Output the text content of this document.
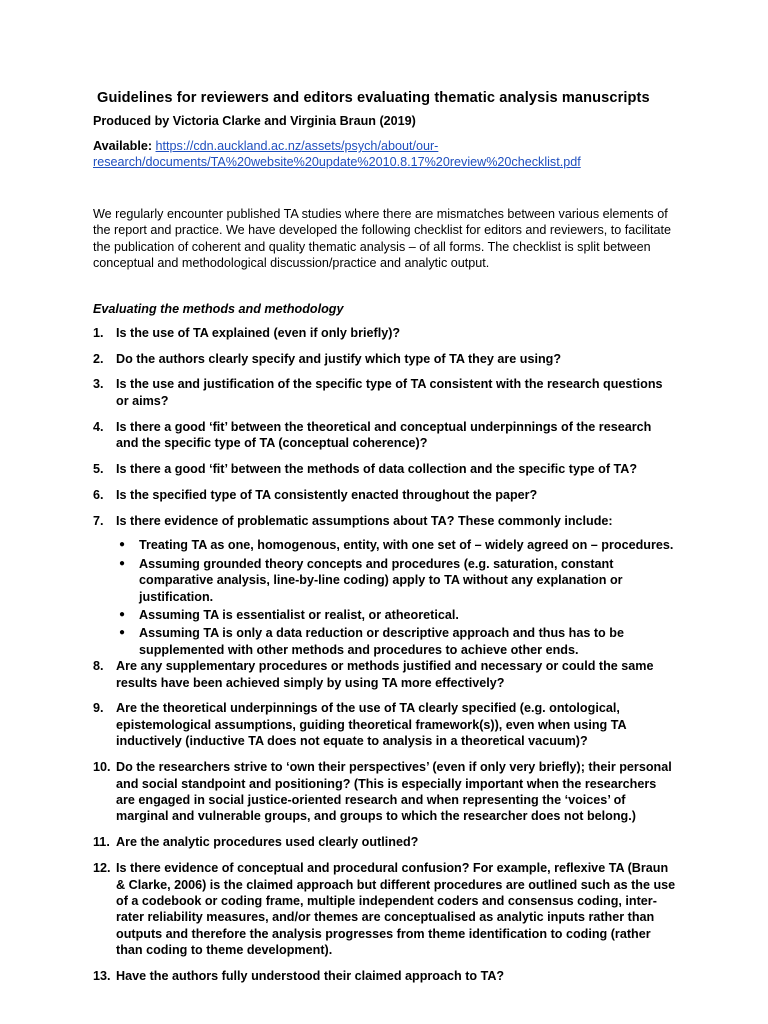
Guidelines for reviewers and editors evaluating thematic analysis manuscripts

Produced by Victoria Clarke and Virginia Braun (2019)

Available: https://cdn.auckland.ac.nz/assets/psych/about/our-
research/documents/TA%20website%20update%2010.8.17%20review%20checklist.pdf

We regularly encounter published TA studies where there are mismatches between various elements of the report and practice. We have developed the following checklist for editors and reviewers, to facilitate the publication of coherent and quality thematic analysis – of all forms. The checklist is split between conceptual and methodological discussion/practice and analytic output.

Evaluating the methods and methodology

1. Is the use of TA explained (even if only briefly)?
2. Do the authors clearly specify and justify which type of TA they are using?
3. Is the use and justification of the specific type of TA consistent with the research questions or aims?
4. Is there a good ‘fit’ between the theoretical and conceptual underpinnings of the research and the specific type of TA (conceptual coherence)?
5. Is there a good ‘fit’ between the methods of data collection and the specific type of TA?
6. Is the specified type of TA consistently enacted throughout the paper?
7. Is there evidence of problematic assumptions about TA? These commonly include:
● Treating TA as one, homogenous, entity, with one set of – widely agreed on – procedures.
● Assuming grounded theory concepts and procedures (e.g. saturation, constant comparative analysis, line-by-line coding) apply to TA without any explanation or justification.
● Assuming TA is essentialist or realist, or atheoretical.
● Assuming TA is only a data reduction or descriptive approach and thus has to be supplemented with other methods and procedures to achieve other ends.
8. Are any supplementary procedures or methods justified and necessary or could the same results have been achieved simply by using TA more effectively?
9. Are the theoretical underpinnings of the use of TA clearly specified (e.g. ontological, epistemological assumptions, guiding theoretical framework(s)), even when using TA inductively (inductive TA does not equate to analysis in a theoretical vacuum)?
10. Do the researchers strive to ‘own their perspectives’ (even if only very briefly); their personal and social standpoint and positioning? (This is especially important when the researchers are engaged in social justice-oriented research and when representing the ‘voices’ of marginal and vulnerable groups, and groups to which the researcher does not belong.)
11. Are the analytic procedures used clearly outlined?
12. Is there evidence of conceptual and procedural confusion? For example, reflexive TA (Braun & Clarke, 2006) is the claimed approach but different procedures are outlined such as the use of a codebook or coding frame, multiple independent coders and consensus coding, inter-rater reliability measures, and/or themes are conceptualised as analytic inputs rather than outputs and therefore the analysis progresses from theme identification to coding (rather than coding to theme development).
13. Have the authors fully understood their claimed approach to TA?
